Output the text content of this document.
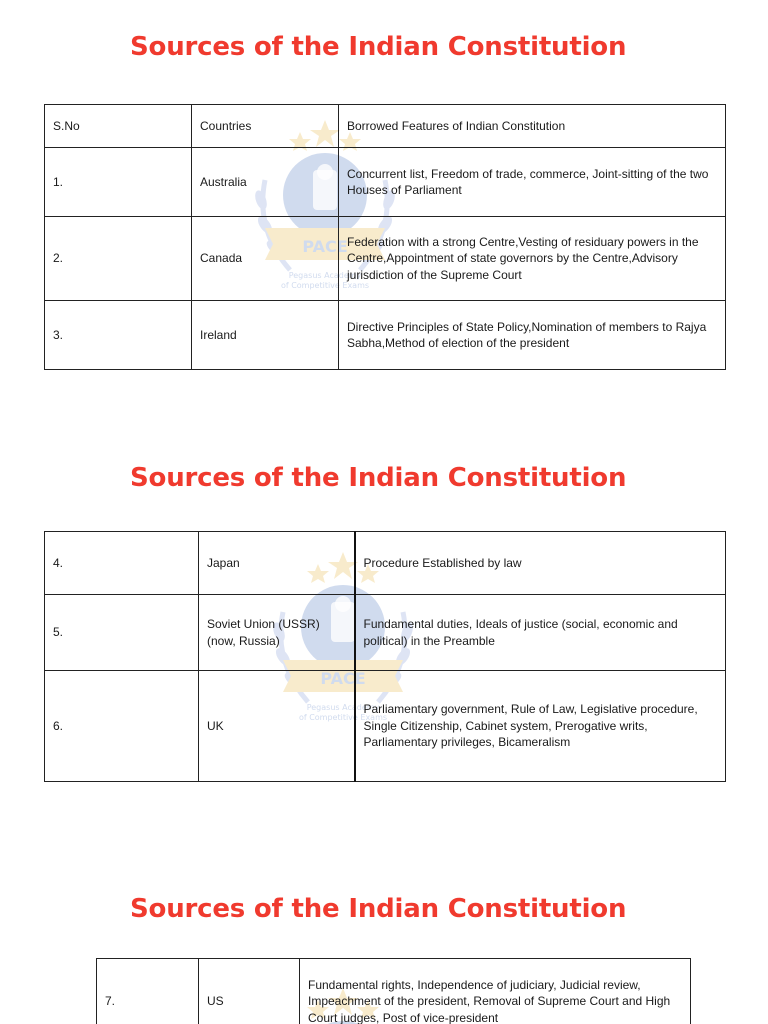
Sources of the Indian Constitution
Pegasus Academy
of Competitive Exams
S.No	Countries	Borrowed Features of Indian Constitution
1.	Australia	Concurrent list, Freedom of trade, commerce, Joint-sitting of the two Houses of Parliament
2.	Canada	Federation with a strong Centre,Vesting of residuary powers in the Centre,Appointment of state governors by the Centre,Advisory jurisdiction of the Supreme Court
3.	Ireland	Directive Principles of State Policy,Nomination of members to Rajya Sabha,Method of election of the president
Sources of the Indian Constitution
Pegasus Academy
of Competitive Exams
4.	Japan	Procedure Established by law
5.	Soviet Union (USSR) (now, Russia)	Fundamental duties, Ideals of justice (social, economic and political) in the Preamble
6.	UK	Parliamentary government, Rule of Law, Legislative procedure, Single Citizenship, Cabinet system, Prerogative writs, Parliamentary privileges, Bicameralism
Sources of the Indian Constitution
7.	US	Fundamental rights, Independence of judiciary, Judicial review, Impeachment of the president, Removal of Supreme Court and High Court judges, Post of vice-president
